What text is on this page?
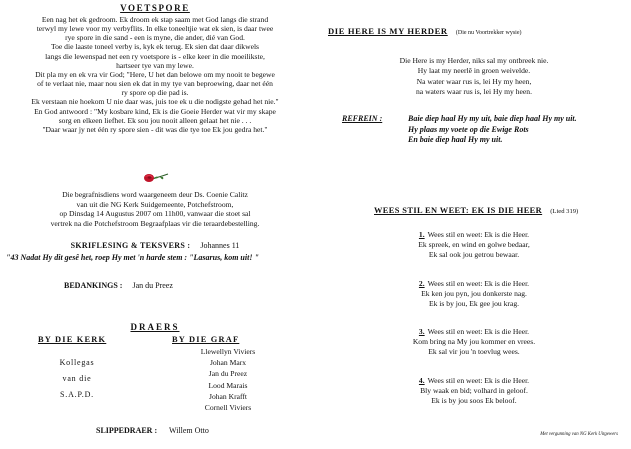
VOETSPORE
Een nag het ek gedroom. Ek droom ek stap saam met God langs die strand
terwyl my lewe voor my verbyflits. In elke toneeltjie wat ek sien, is daar twee
rye spore in die sand - een is myne, die ander, dié van God.
Toe die laaste toneel verby is, kyk ek terug. Ek sien dat daar dikwels
langs die lewenspad net een ry voetspore is - elke keer in die moeilikste,
hartseer tye van my lewe.
Dit pla my en ek vra vir God; "Here, U het dan belowe om my nooit te begewe
of te verlaat nie, maar nou sien ek dat in my tye van beproewing, daar net één
ry spore op die pad is.
Ek verstaan nie hoekom U nie daar was, juis toe ek u die nodigste gehad het nie."
En God antwoord : "My kosbare kind, Ek is die Goeie Herder wat vir my skape
sorg en elkeen liefhet. Ek sou jou nooit alleen gelaat het nie . . .
"Daar waar jy net één ry spore sien - dit was die tye toe Ek jou gedra het."
Die begrafnisdiens word waargeneem deur Ds. Coenie Calitz
van uit die NG Kerk Suidgemeente, Potchefstroom,
op Dinsdag 14 Augustus 2007 om 11h00, vanwaar die stoet sal
vertrek na die Potchefstroom Begraafplaas vir die teraardebestelling.
SKRIFLESING & TEKSVERS : Johannes 11
"43 Nadat Hy dit gesê het, roep Hy met 'n harde stem : "Lasarus, kom uit! "
BEDANKINGS : Jan du Preez
DRAERS
BY DIE KERK	BY DIE GRAF
Kollegas
van die
S.A.P.D.
Llewellyn Viviers
Johan Marx
Jan du Preez
Lood Marais
Johan Krafft
Cornell Viviers
SLIPPEDRAER : Willem Otto
DIE HERE IS MY HERDER (Die nu Voortrekker wysie)
Die Here is my Herder, niks sal my ontbreek nie.
Hy laat my neerlê in groen weivelde.
Na water waar rus is, lei Hy my heen,
na waters waar rus is, lei Hy my heen.
REFREIN :	Baie diep haal Hy my uit, baie diep haal Hy my uit.
Hy plaas my voete op die Ewige Rots
En baie diep haal Hy my uit.
WEES STIL EN WEET: EK IS DIE HEER (Lied 319)
1. Wees stil en weet: Ek is die Heer.
Ek spreek, en wind en golwe bedaar,
Ek sal ook jou getrou bewaar.
2. Wees stil en weet: Ek is die Heer.
Ek ken jou pyn, jou donkerste nag.
Ek is by jou, Ek gee jou krag.
3. Wees stil en weet: Ek is die Heer.
Kom bring na My jou kommer en vrees.
Ek sal vir jou 'n toevlug wees.
4. Wees stil en weet: Ek is die Heer.
Bly waak en bid; volhard in geloof.
Ek is by jou soos Ek beloof.
Met vergunning van NG Kerk Uitgewers
